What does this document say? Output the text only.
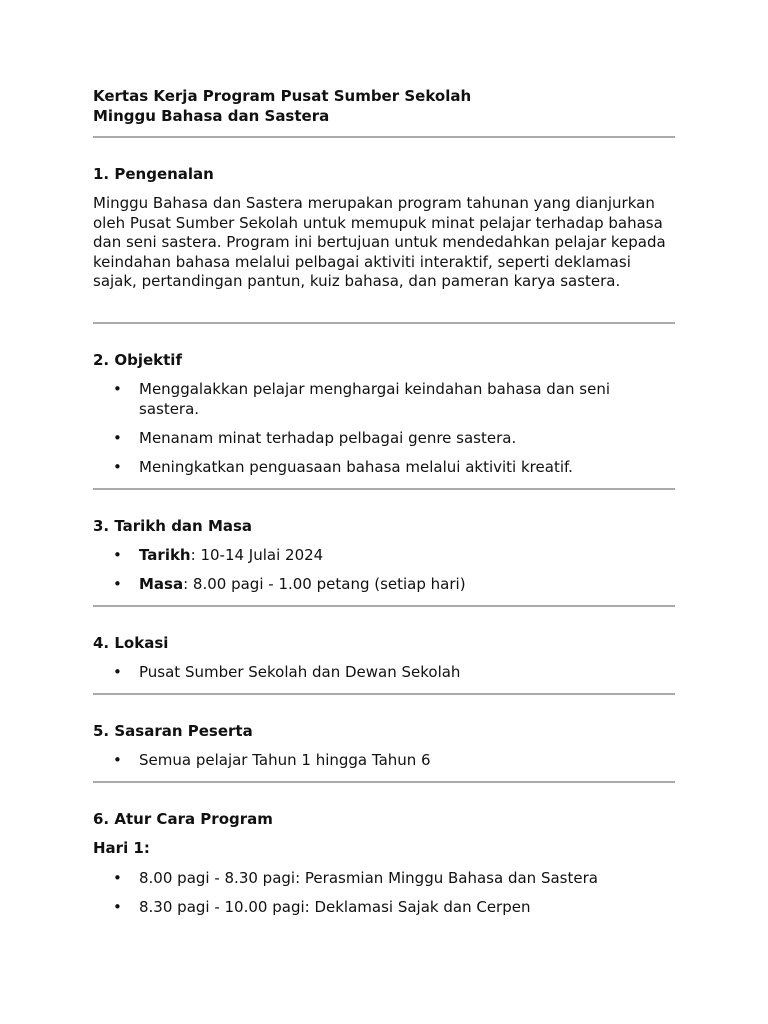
Kertas Kerja Program Pusat Sumber Sekolah
Minggu Bahasa dan Sastera
1. Pengenalan
Minggu Bahasa dan Sastera merupakan program tahunan yang dianjurkan oleh Pusat Sumber Sekolah untuk memupuk minat pelajar terhadap bahasa dan seni sastera. Program ini bertujuan untuk mendedahkan pelajar kepada keindahan bahasa melalui pelbagai aktiviti interaktif, seperti deklamasi sajak, pertandingan pantun, kuiz bahasa, dan pameran karya sastera.
2. Objektif
• Menggalakkan pelajar menghargai keindahan bahasa dan seni sastera.
• Menanam minat terhadap pelbagai genre sastera.
• Meningkatkan penguasaan bahasa melalui aktiviti kreatif.
3. Tarikh dan Masa
• Tarikh: 10-14 Julai 2024
• Masa: 8.00 pagi - 1.00 petang (setiap hari)
4. Lokasi
• Pusat Sumber Sekolah dan Dewan Sekolah
5. Sasaran Peserta
• Semua pelajar Tahun 1 hingga Tahun 6
6. Atur Cara Program
Hari 1:
• 8.00 pagi - 8.30 pagi: Perasmian Minggu Bahasa dan Sastera
• 8.30 pagi - 10.00 pagi: Deklamasi Sajak dan Cerpen
